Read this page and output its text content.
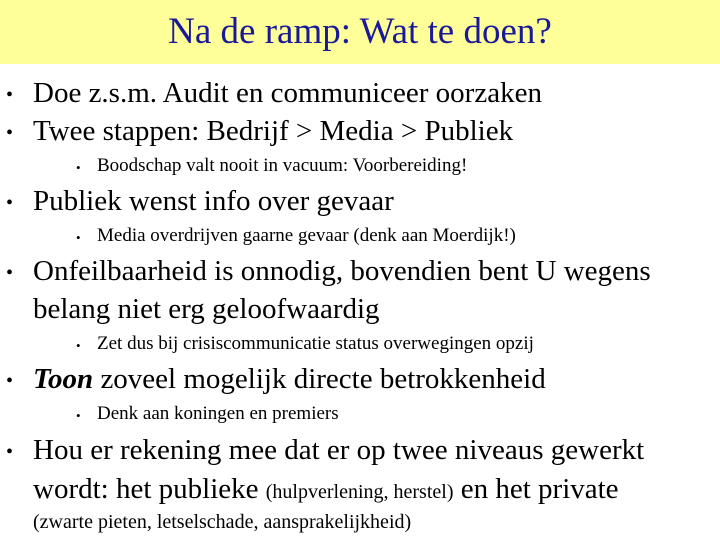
Na de ramp: Wat te doen?
• Doe z.s.m. Audit en communiceer oorzaken
• Twee stappen: Bedrijf > Media > Publiek
• Boodschap valt nooit in vacuum: Voorbereiding!
• Publiek wenst info over gevaar
• Media overdrijven gaarne gevaar (denk aan Moerdijk!)
• Onfeilbaarheid is onnodig, bovendien bent U wegens
belang niet erg geloofwaardig
• Zet dus bij crisiscommunicatie status overwegingen opzij
• Toon zoveel mogelijk directe betrokkenheid
• Denk aan koningen en premiers
• Hou er rekening mee dat er op twee niveaus gewerkt
wordt: het publieke (hulpverlening, herstel) en het private
(zwarte pieten, letselschade, aansprakelijkheid)
